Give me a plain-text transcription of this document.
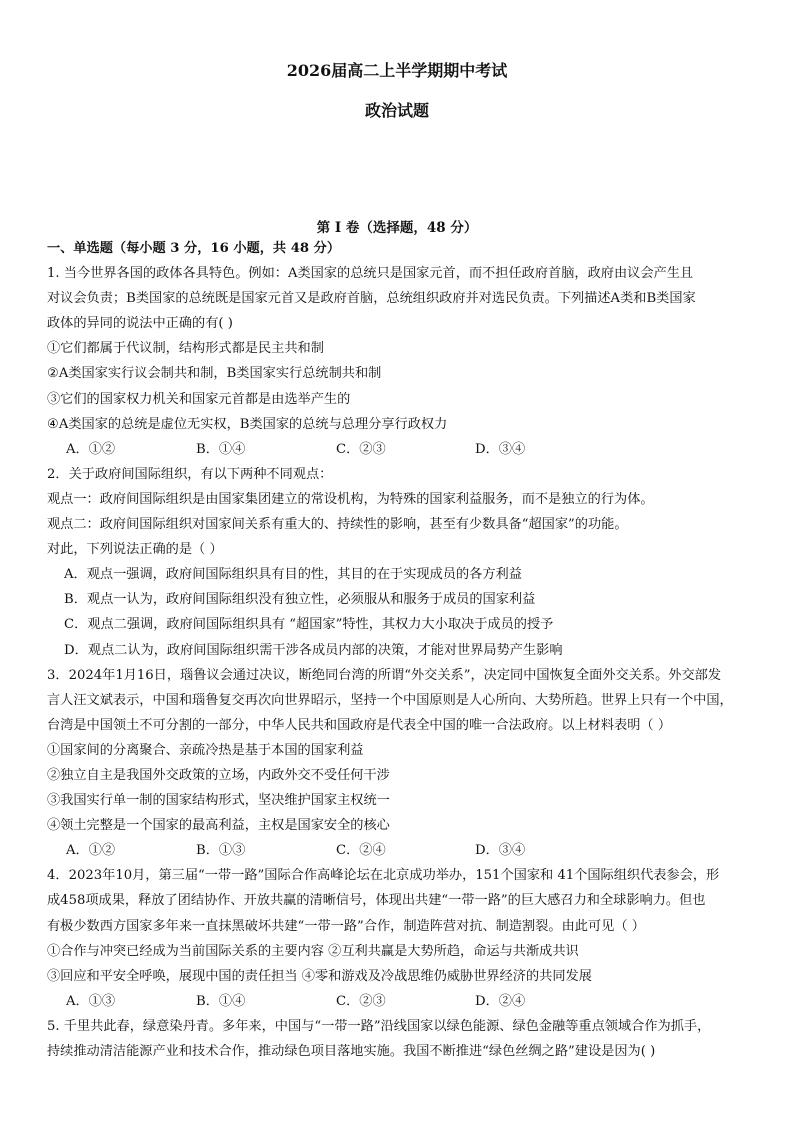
2026届高二上半学期期中考试
政治试题
第 I 卷（选择题，48 分）
一、单选题（每小题 3 分，16 小题，共 48 分）
1. 当今世界各国的政体各具特色。例如：A类国家的总统只是国家元首，而不担任政府首脑，政府由议会产生且
对议会负责；B类国家的总统既是国家元首又是政府首脑，总统组织政府并对选民负责。下列描述A类和B类国家
政体的异同的说法中正确的有( )
①它们都属于代议制，结构形式都是民主共和制
②A类国家实行议会制共和制，B类国家实行总统制共和制
③它们的国家权力机关和国家元首都是由选举产生的
④A类国家的总统是虚位无实权，B类国家的总统与总理分享行政权力
A．①②	B．①④	C．②③	D．③④
2．关于政府间国际组织，有以下两种不同观点：
观点一：政府间国际组织是由国家集团建立的常设机构，为特殊的国家利益服务，而不是独立的行为体。
观点二：政府间国际组织对国家间关系有重大的、持续性的影响，甚至有少数具备“超国家”的功能。
对此，下列说法正确的是（ ）
A．观点一强调，政府间国际组织具有目的性，其目的在于实现成员的各方利益
B．观点一认为，政府间国际组织没有独立性，必须服从和服务于成员的国家利益
C．观点二强调，政府间国际组织具有 “超国家”特性，其权力大小取决于成员的授予
D．观点二认为，政府间国际组织需干涉各成员内部的决策，才能对世界局势产生影响
3．2024年1月16日，瑙鲁议会通过决议，断绝同台湾的所谓“外交关系”，决定同中国恢复全面外交关系。外交部发
言人汪文斌表示，中国和瑙鲁复交再次向世界昭示，坚持一个中国原则是人心所向、大势所趋。世界上只有一个中国，
台湾是中国领土不可分割的一部分，中华人民共和国政府是代表全中国的唯一合法政府。以上材料表明（ ）
①国家间的分离聚合、亲疏冷热是基于本国的国家利益
②独立自主是我国外交政策的立场，内政外交不受任何干涉
③我国实行单一制的国家结构形式，坚决维护国家主权统一
④领土完整是一个国家的最高利益，主权是国家安全的核心
A．①②	B．①③	C．②④	D．③④
4．2023年10月，第三届“一带一路”国际合作高峰论坛在北京成功举办，151个国家和 41个国际组织代表参会，形
成458项成果，释放了团结协作、开放共赢的清晰信号，体现出共建“一带一路”的巨大感召力和全球影响力。但也
有极少数西方国家多年来一直抹黑破坏共建“一带一路”合作，制造阵营对抗、制造割裂。由此可见（ ）
①合作与冲突已经成为当前国际关系的主要内容 ②互利共赢是大势所趋，命运与共渐成共识
③回应和平安全呼唤，展现中国的责任担当 ④零和游戏及冷战思维仍威胁世界经济的共同发展
A．①③	B．①④	C．②③	D．②④
5. 千里共此春，绿意染丹青。多年来，中国与“一带一路”沿线国家以绿色能源、绿色金融等重点领域合作为抓手，
持续推动清洁能源产业和技术合作，推动绿色项目落地实施。我国不断推进“绿色丝绸之路”建设是因为( )
